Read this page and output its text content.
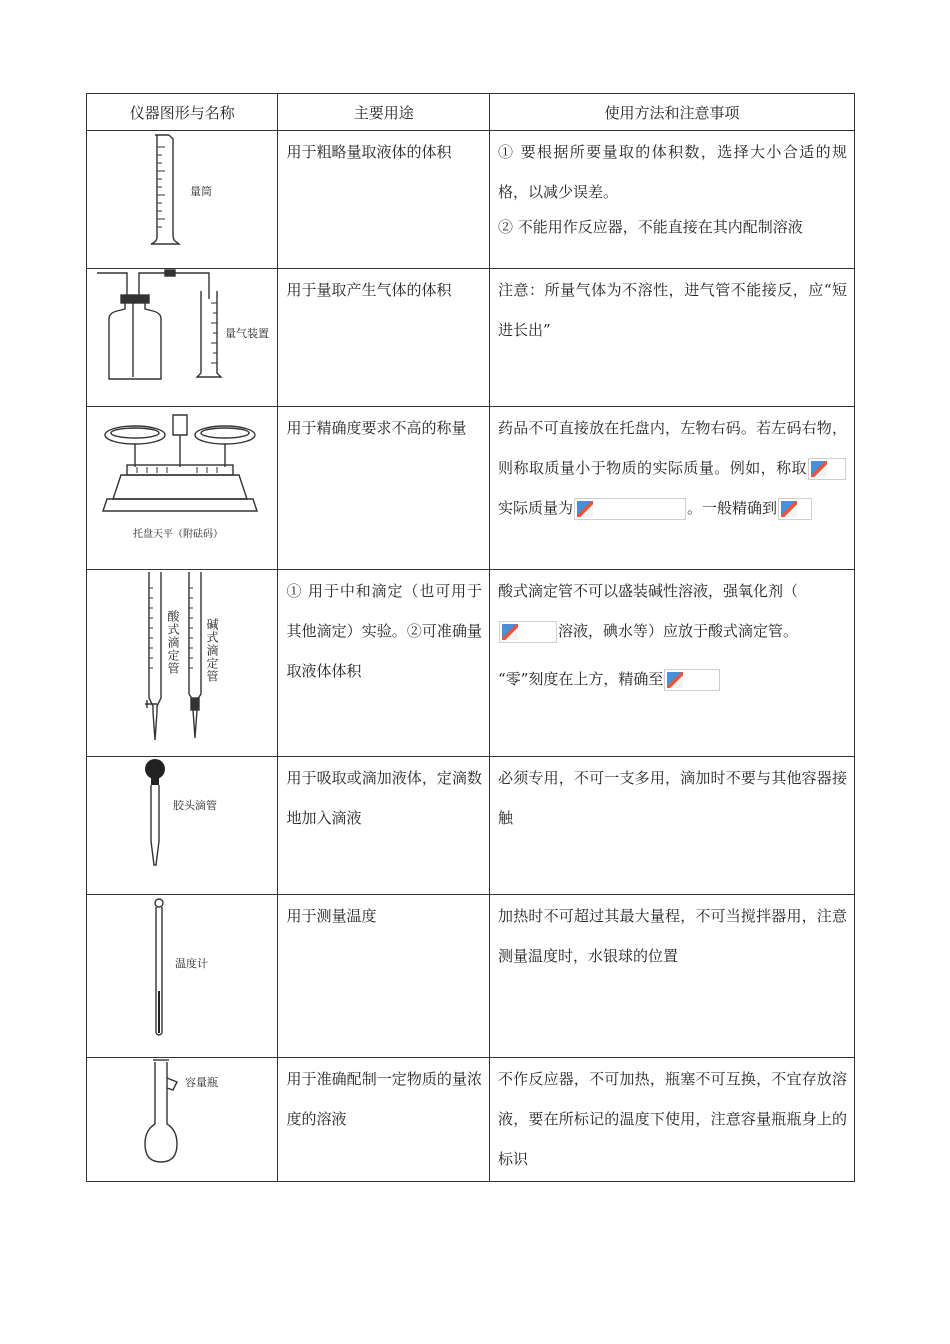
仪器图形与名称	主要用途	使用方法和注意事项

量筒	用于粗略量取液体的体积	① 要根据所要量取的体积数，选择大小合适的规格，以减少误差。

② 不能用作反应器，不能直接在其内配制溶液

量气装置	用于量取产生气体的体积	注意：所量气体为不溶性，进气管不能接反，应“短进长出”

托盘天平（附砝码）	用于精确度要求不高的称量	药品不可直接放在托盘内，左物右码。若左码右物，则称取质量小于物质的实际质量。例如，称取
实际质量为 。一般精确到

酸式滴定管 碱式滴定管	① 用于中和滴定（也可用于其他滴定）实验。②可准确量取液体体积	酸式滴定管不可以盛装碱性溶液，强氧化剂（

溶液，碘水等）应放于酸式滴定管。

“零”刻度在上方，精确至

胶头滴管	用于吸取或滴加液体，定滴数地加入滴液	必须专用，不可一支多用，滴加时不要与其他容器接触

温度计	用于测量温度	加热时不可超过其最大量程，不可当搅拌器用，注意测量温度时，水银球的位置

容量瓶	用于准确配制一定物质的量浓度的溶液	不作反应器，不可加热，瓶塞不可互换，不宜存放溶液，要在所标记的温度下使用，注意容量瓶瓶身上的标识
